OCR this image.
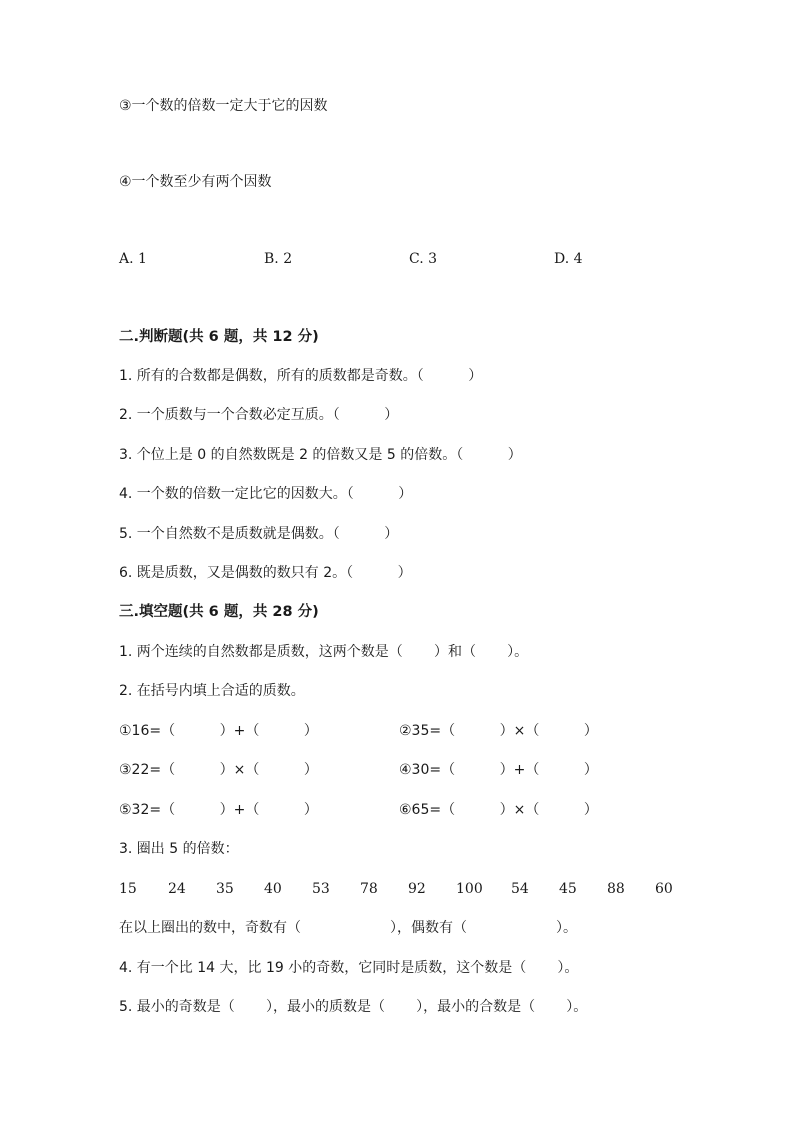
③一个数的倍数一定大于它的因数
④一个数至少有两个因数
A. 1	B. 2	C. 3	D. 4
二.判断题(共 6 题，共 12 分)
1. 所有的合数都是偶数，所有的质数都是奇数。（          ）
2. 一个质数与一个合数必定互质。（          ）
3. 个位上是 0 的自然数既是 2 的倍数又是 5 的倍数。（          ）
4. 一个数的倍数一定比它的因数大。（          ）
5. 一个自然数不是质数就是偶数。（          ）
6. 既是质数，又是偶数的数只有 2。（          ）
三.填空题(共 6 题，共 28 分)
1. 两个连续的自然数都是质数，这两个数是（       ）和（       ）。
2. 在括号内填上合适的质数。
①16=（          ）+（          ）	②35=（          ）×（          ）
③22=（          ）×（          ）	④30=（          ）+（          ）
⑤32=（          ）+（          ）	⑥65=（          ）×（          ）
3. 圈出 5 的倍数：
15 24 35 40 53 78 92 100 54 45 88 60
在以上圈出的数中，奇数有（                    ），偶数有（                    ）。
4. 有一个比 14 大，比 19 小的奇数，它同时是质数，这个数是（       ）。
5. 最小的奇数是（       ），最小的质数是（       ），最小的合数是（       ）。
